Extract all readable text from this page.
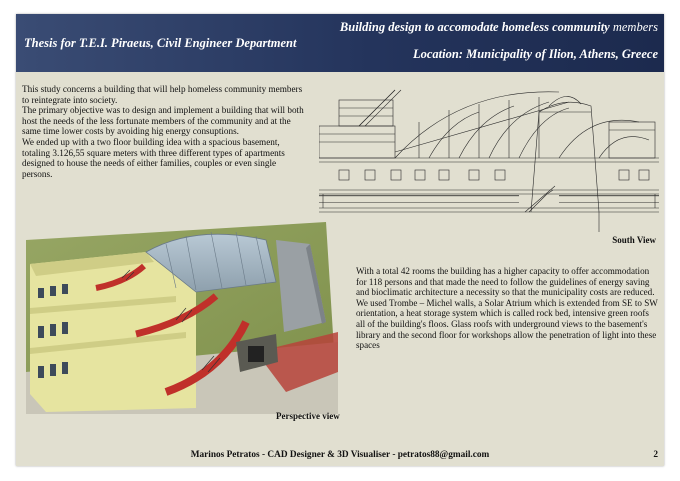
Thesis for T.E.I. Piraeus, Civil Engineer Department
Building design to accomodate homeless community members
Location: Municipality of Ilion, Athens, Greece

This study concerns a building that will help homeless community members to reintegrate into society.

The primary objective was to design and implement a building that will both host the needs of the less fortunate members of the community and at the same time lower costs by avoiding hig energy consuptions.

We ended up with a two floor building idea with a spacious basement, totaling 3.126,55 square meters with three different types of apartments designed to house the needs of either families, couples or even single persons.

South View
Perspective view

With a total 42 rooms the building has a higher capacity to offer accommodation for 118 persons and that made the need to follow the guidelines of energy saving and bioclimatic architecture a necessity so that the municipality costs are reduced.

We used Trombe – Michel walls, a Solar Atrium which is extended from SE to SW orientation, a heat storage system which is called rock bed, intensive green roofs all of the building's floos. Glass roofs with underground views to the basement's library and the second floor for workshops allow the penetration of light into these spaces

Marinos Petratos - CAD Designer & 3D Visualiser - petratos88@gmail.com	2
